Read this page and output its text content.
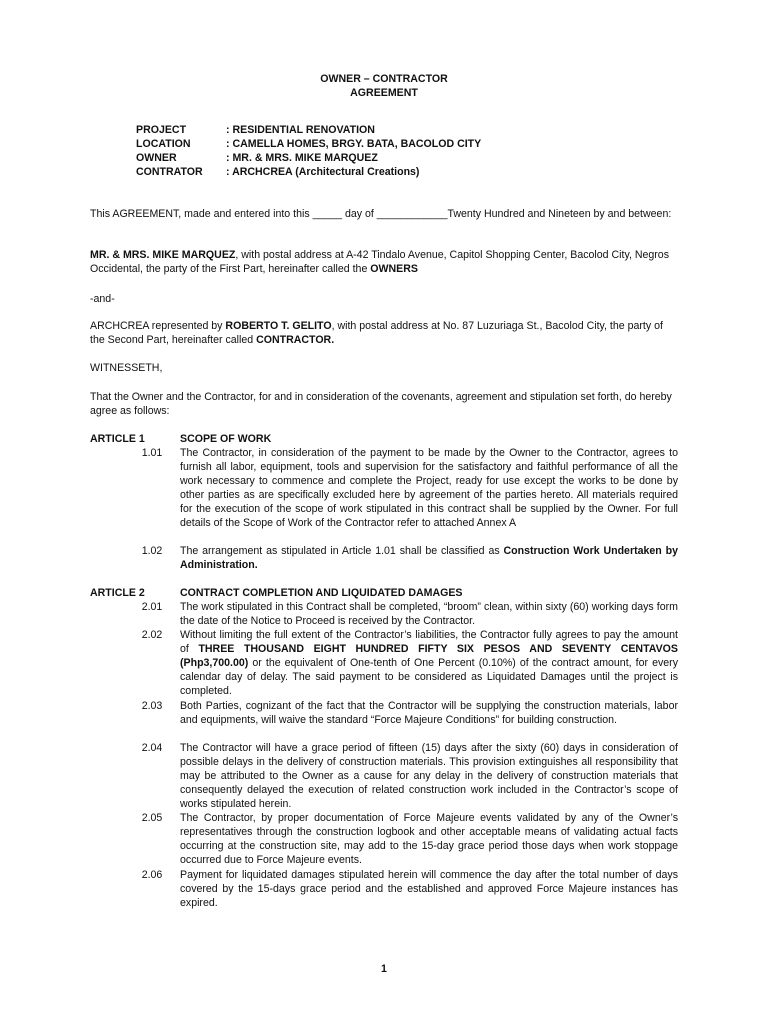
OWNER – CONTRACTOR
AGREEMENT
PROJECT	: RESIDENTIAL RENOVATION
LOCATION	: CAMELLA HOMES, BRGY. BATA, BACOLOD CITY
OWNER	: MR. & MRS. MIKE MARQUEZ
CONTRATOR : ARCHCREA (Architectural Creations)
This AGREEMENT, made and entered into this _____ day of ____________Twenty Hundred and Nineteen by and between:
MR. & MRS. MIKE MARQUEZ, with postal address at A-42 Tindalo Avenue, Capitol Shopping Center, Bacolod City, Negros Occidental, the party of the First Part, hereinafter called the OWNERS
-and-
ARCHCREA represented by ROBERTO T. GELITO, with postal address at No. 87 Luzuriaga St., Bacolod City, the party of the Second Part, hereinafter called CONTRACTOR.
WITNESSETH,
That the Owner and the Contractor, for and in consideration of the covenants, agreement and stipulation set forth, do hereby agree as follows:
ARTICLE 1	SCOPE OF WORK
1.01	The Contractor, in consideration of the payment to be made by the Owner to the Contractor, agrees to furnish all labor, equipment, tools and supervision for the satisfactory and faithful performance of all the work necessary to commence and complete the Project, ready for use except the works to be done by other parties as are specifically excluded here by agreement of the parties hereto. All materials required for the execution of the scope of work stipulated in this contract shall be supplied by the Owner. For full details of the Scope of Work of the Contractor refer to attached Annex A
1.02	The arrangement as stipulated in Article 1.01 shall be classified as Construction Work Undertaken by Administration.
ARTICLE 2	CONTRACT COMPLETION AND LIQUIDATED DAMAGES
2.01	The work stipulated in this Contract shall be completed, “broom” clean, within sixty (60) working days form the date of the Notice to Proceed is received by the Contractor.
2.02	Without limiting the full extent of the Contractor’s liabilities, the Contractor fully agrees to pay the amount of THREE THOUSAND EIGHT HUNDRED FIFTY SIX PESOS AND SEVENTY CENTAVOS (Php3,700.00) or the equivalent of One-tenth of One Percent (0.10%) of the contract amount, for every calendar day of delay. The said payment to be considered as Liquidated Damages until the project is completed.
2.03	Both Parties, cognizant of the fact that the Contractor will be supplying the construction materials, labor and equipments, will waive the standard “Force Majeure Conditions” for building construction.
2.04	The Contractor will have a grace period of fifteen (15) days after the sixty (60) days in consideration of possible delays in the delivery of construction materials. This provision extinguishes all responsibility that may be attributed to the Owner as a cause for any delay in the delivery of construction materials that consequently delayed the execution of related construction work included in the Contractor’s scope of works stipulated herein.
2.05	The Contractor, by proper documentation of Force Majeure events validated by any of the Owner’s representatives through the construction logbook and other acceptable means of validating actual facts occurring at the construction site, may add to the 15-day grace period those days when work stoppage occurred due to Force Majeure events.
2.06	Payment for liquidated damages stipulated herein will commence the day after the total number of days covered by the 15-days grace period and the established and approved Force Majeure instances has expired.
1
